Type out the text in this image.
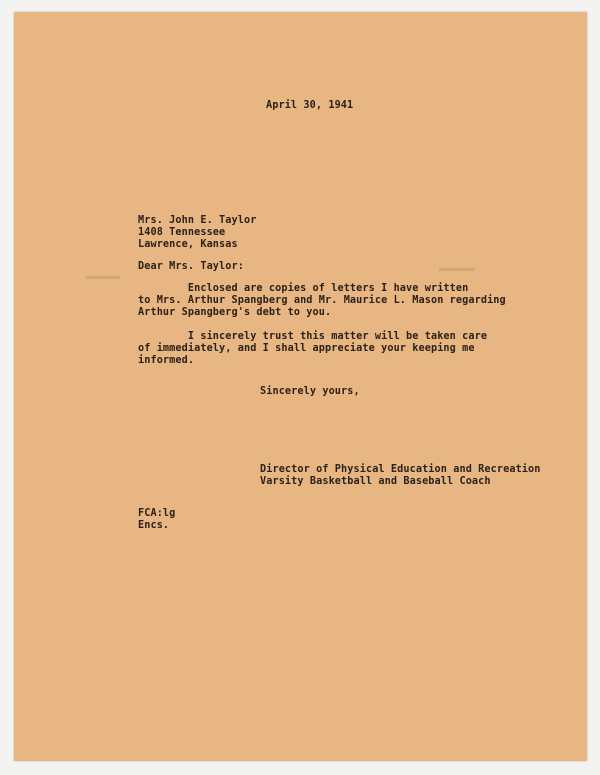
April 30, 1941
Mrs. John E. Taylor
1408 Tennessee
Lawrence, Kansas
Dear Mrs. Taylor:
Enclosed are copies of letters I have written
to Mrs. Arthur Spangberg and Mr. Maurice L. Mason regarding
Arthur Spangberg's debt to you.
I sincerely trust this matter will be taken care
of immediately, and I shall appreciate your keeping me
informed.
Sincerely yours,
Director of Physical Education and Recreation
Varsity Basketball and Baseball Coach
FCA:lg
Encs.
